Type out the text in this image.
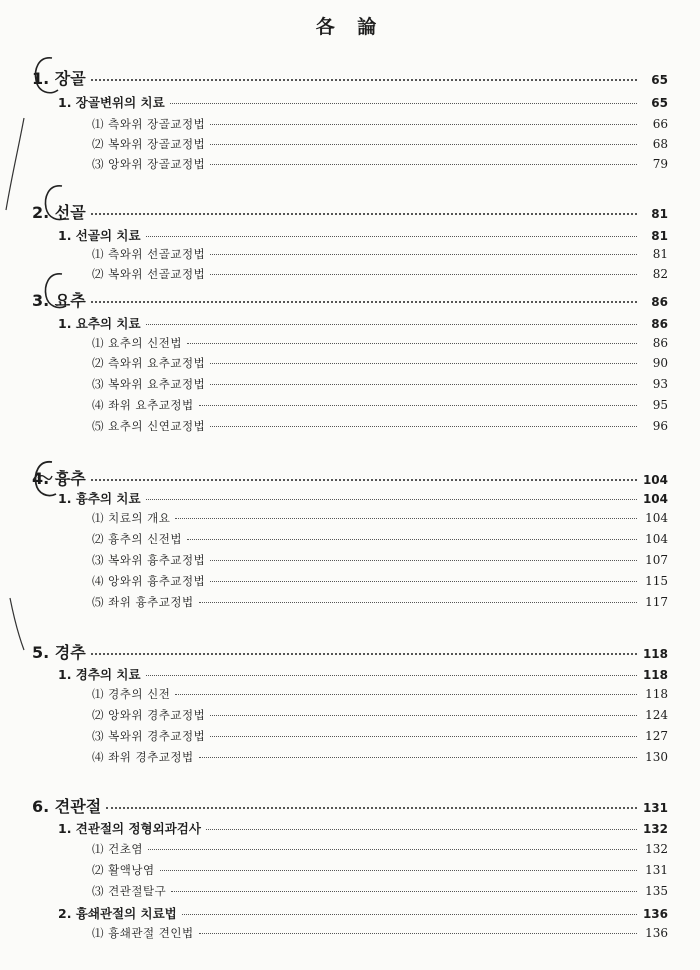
各 論
1. 장골	65
1. 장골변위의 치료	65
⑴ 측와위 장골교정법	66
⑵ 복와위 장골교정법	68
⑶ 앙와위 장골교정법	79
2. 선골	81
1. 선골의 치료	81
⑴ 측와위 선골교정법	81
⑵ 복와위 선골교정법	82
3. 요추	86
1. 요추의 치료	86
⑴ 요추의 신전법	86
⑵ 측와위 요추교정법	90
⑶ 복와위 요추교정법	93
⑷ 좌위 요추교정법	95
⑸ 요추의 신연교정법	96
4. 흉추	104
1. 흉추의 치료	104
⑴ 치료의 개요	104
⑵ 흉추의 신전법	104
⑶ 복와위 흉추교정법	107
⑷ 앙와위 흉추교정법	115
⑸ 좌위 흉추교정법	117
5. 경추	118
1. 경추의 치료	118
⑴ 경추의 신전	118
⑵ 앙와위 경추교정법	124
⑶ 복와위 경추교정법	127
⑷ 좌위 경추교정법	130
6. 견관절	131
1. 견관절의 정형외과검사	132
⑴ 건초염	132
⑵ 활액낭염	131
⑶ 견관절탈구	135
2. 흉쇄관절의 치료법	136
⑴ 흉쇄관절 견인법	136
